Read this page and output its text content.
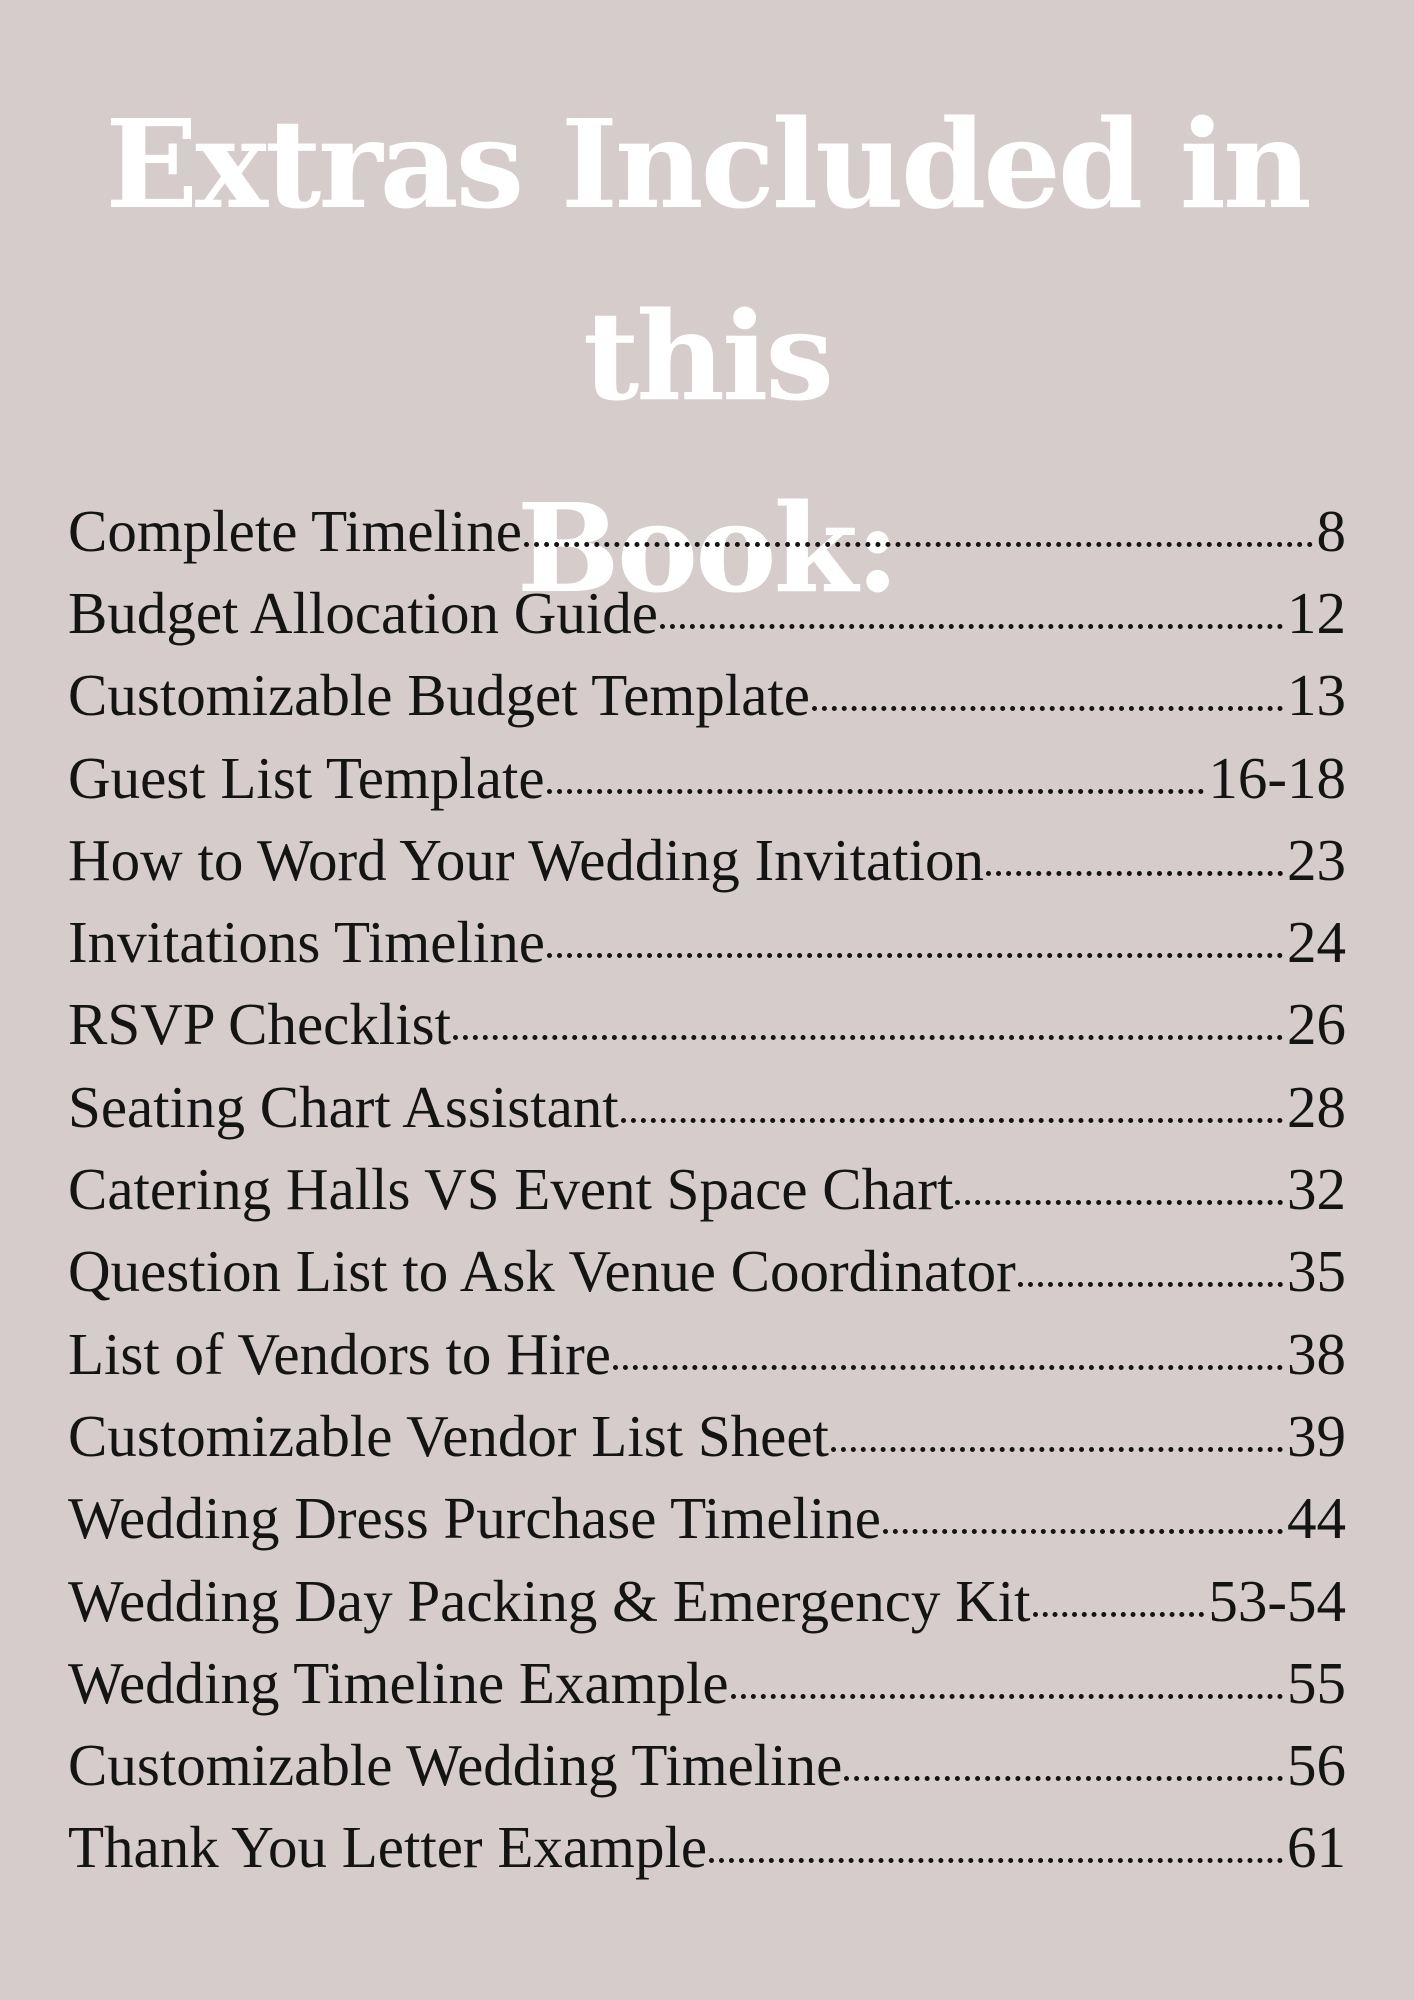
Extras Included in this
Book:
Complete Timeline	8
Budget Allocation Guide	12
Customizable Budget Template	13
Guest List Template	16-18
How to Word Your Wedding Invitation	23
Invitations Timeline	24
RSVP Checklist	26
Seating Chart Assistant	28
Catering Halls VS Event Space Chart	32
Question List to Ask Venue Coordinator	35
List of Vendors to Hire	38
Customizable Vendor List Sheet	39
Wedding Dress Purchase Timeline	44
Wedding Day Packing & Emergency Kit	53-54
Wedding Timeline Example	55
Customizable Wedding Timeline	56
Thank You Letter Example	61
